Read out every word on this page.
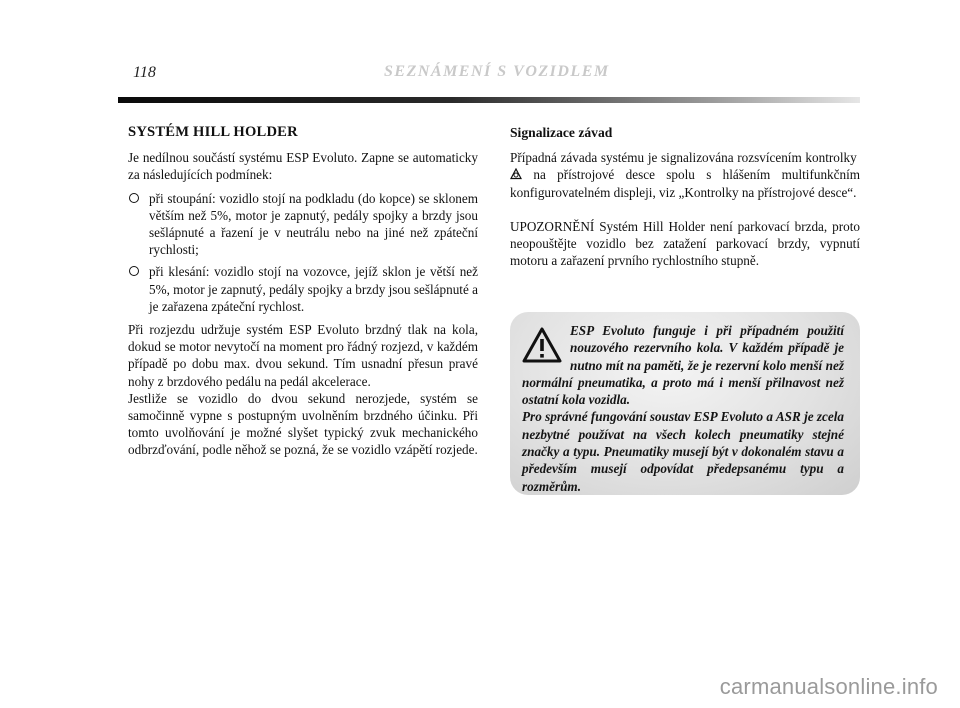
118	SEZNÁMENÍ S VOZIDLEM
SYSTÉM HILL HOLDER

Je nedílnou součástí systému ESP Evoluto. Zapne se automaticky za následujících podmínek:

při stoupání: vozidlo stojí na podkladu (do kopce) se sklonem větším než 5%, motor je zapnutý, pedály spojky a brzdy jsou sešlápnuté a řazení je v neutrálu nebo na jiné než zpáteční rychlosti;
při klesání: vozidlo stojí na vozovce, jejíž sklon je větší než 5%, motor je zapnutý, pedály spojky a brzdy jsou sešlápnuté a je zařazena zpáteční rychlost.

Při rozjezdu udržuje systém ESP Evoluto brzdný tlak na kola, dokud se motor nevytočí na moment pro řádný rozjezd, v každém případě po dobu max. dvou sekund. Tím usnadní přesun pravé nohy z brzdového pedálu na pedál akcelerace.

Jestliže se vozidlo do dvou sekund nerozjede, systém se samočinně vypne s postupným uvolněním brzdného účinku. Při tomto uvolňování je možné slyšet typický zvuk mechanického odbrzďování, podle něhož se pozná, že se vozidlo vzápětí rozjede.

Signalizace závad

Případná závada systému je signalizována rozsvícením kontrolky  na přístrojové desce spolu s hlášením multifunkčním konfigurovatelném displeji, viz „Kontrolky na přístrojové desce“.

UPOZORNĚNÍ Systém Hill Holder není parkovací brzda, proto neopouštějte vozidlo bez zatažení parkovací brzdy, vypnutí motoru a zařazení prvního rychlostního stupně.

ESP Evoluto funguje i při případném použití nouzového rezervního kola. V každém případě je nutno mít na paměti, že je rezervní kolo menší než normální pneumatika, a proto má i menší přilnavost než ostatní kola vozidla.
Pro správné fungování soustav ESP Evoluto a ASR je zcela nezbytné používat na všech kolech pneumatiky stejné značky a typu. Pneumatiky musejí být v dokonalém stavu a především musejí odpovídat předepsanému typu a rozměrům.
carmanualsonline.info
